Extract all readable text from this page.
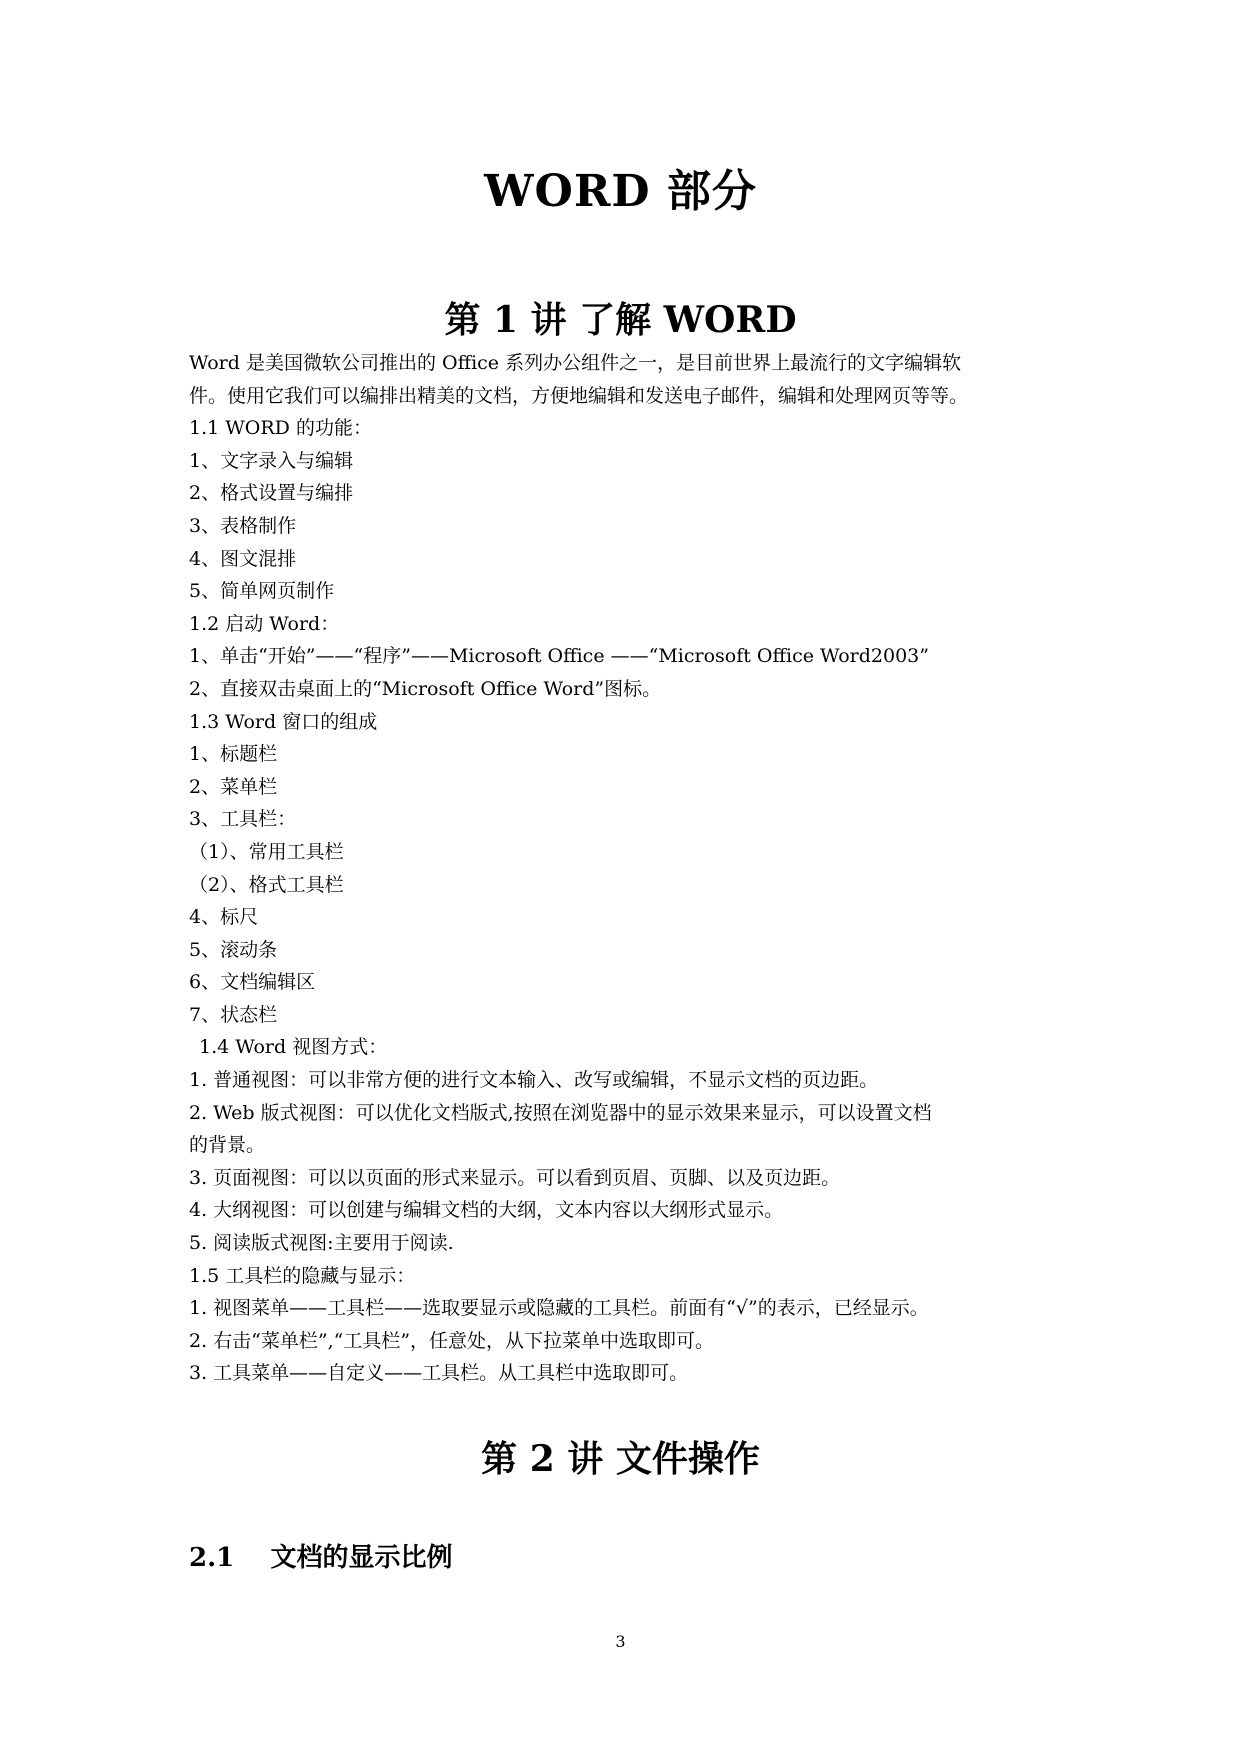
WORD 部分
第 1 讲 了解 WORD
Word 是美国微软公司推出的 Office 系列办公组件之一，是目前世界上最流行的文字编辑软
件。使用它我们可以编排出精美的文档，方便地编辑和发送电子邮件，编辑和处理网页等等。
1.1 WORD 的功能：
1、文字录入与编辑
2、格式设置与编排
3、表格制作
4、图文混排
5、简单网页制作
1.2 启动 Word：
1、单击“开始”——“程序”——Microsoft Office ——“Microsoft Office Word2003”
2、直接双击桌面上的“Microsoft Office Word”图标。
1.3 Word 窗口的组成
1、标题栏
2、菜单栏
3、工具栏：
（1）、常用工具栏
（2）、格式工具栏
4、标尺
5、滚动条
6、文档编辑区
7、状态栏
1.4 Word 视图方式：
1. 普通视图：可以非常方便的进行文本输入、改写或编辑，不显示文档的页边距。
2. Web 版式视图：可以优化文档版式,按照在浏览器中的显示效果来显示，可以设置文档
的背景。
3. 页面视图：可以以页面的形式来显示。可以看到页眉、页脚、以及页边距。
4. 大纲视图：可以创建与编辑文档的大纲，文本内容以大纲形式显示。
5. 阅读版式视图:主要用于阅读.
1.5 工具栏的隐藏与显示：
1. 视图菜单——工具栏——选取要显示或隐藏的工具栏。前面有“√”的表示，已经显示。
2. 右击“菜单栏”,“工具栏”，任意处，从下拉菜单中选取即可。
3. 工具菜单——自定义——工具栏。从工具栏中选取即可。
第 2 讲 文件操作
2.1    文档的显示比例
3
